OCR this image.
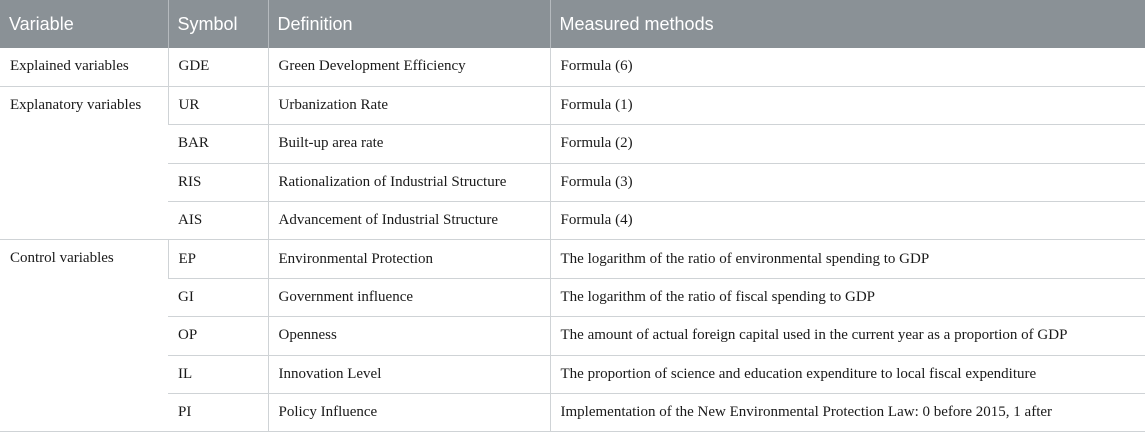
Variable	Symbol	Definition	Measured methods
Explained variables	GDE	Green Development Efficiency	Formula (6)
Explanatory variables	UR	Urbanization Rate	Formula (1)
	BAR	Built-up area rate	Formula (2)
	RIS	Rationalization of Industrial Structure	Formula (3)
	AIS	Advancement of Industrial Structure	Formula (4)
Control variables	EP	Environmental Protection	The logarithm of the ratio of environmental spending to GDP
	GI	Government influence	The logarithm of the ratio of fiscal spending to GDP
	OP	Openness	The amount of actual foreign capital used in the current year as a proportion of GDP
	IL	Innovation Level	The proportion of science and education expenditure to local fiscal expenditure
	PI	Policy Influence	Implementation of the New Environmental Protection Law: 0 before 2015, 1 after
